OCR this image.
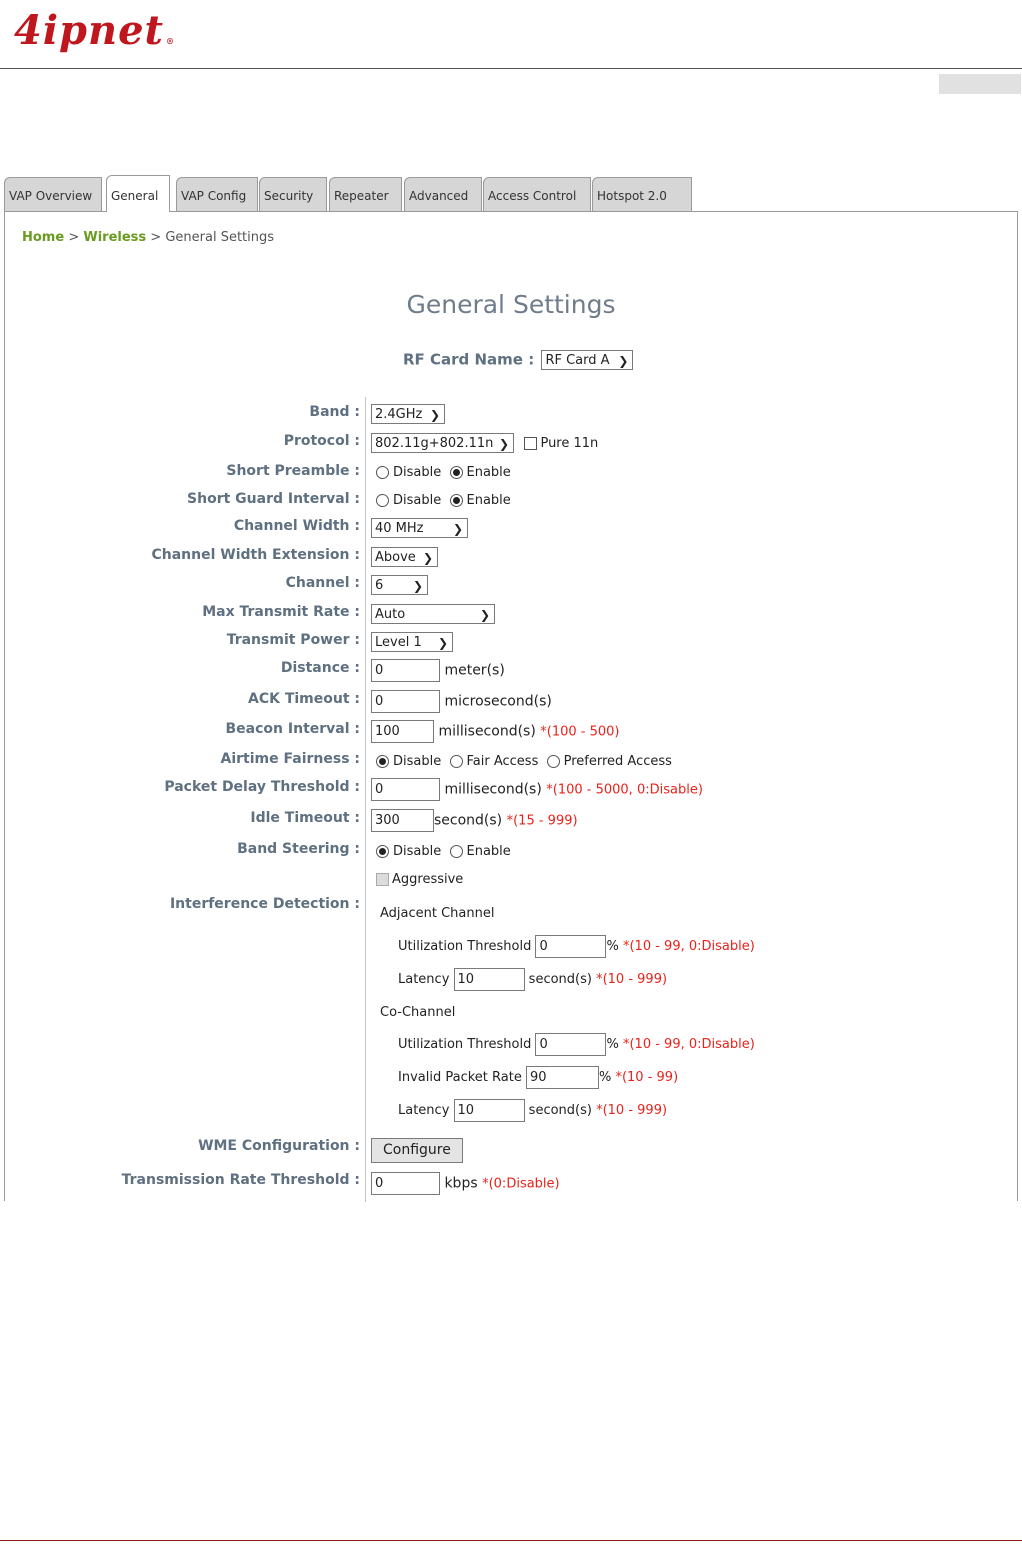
4ipnet ®
VAP Overview	VAP Config	Security	Repeater	Advanced	Access Control	Hotspot 2.0
General
Home > Wireless > General Settings
General Settings
RF Card Name : RF Card A ❯
Band :	2.4GHz ❯
Protocol :	802.11g+802.11n ❯ Pure 11n
Short Preamble :	Disable Enable
Short Guard Interval :	Disable Enable
Channel Width :	40 MHz ❯
Channel Width Extension :	Above ❯
Channel :	6 ❯
Max Transmit Rate :	Auto	❯
Transmit Power :	Level 1 ❯
Distance :	0	meter(s)
ACK Timeout :	0	microsecond(s)
Beacon Interval :	100	millisecond(s) *(100 - 500)
Airtime Fairness :	Disable Fair Access Preferred Access
Packet Delay Threshold :	0	millisecond(s) *(100 - 5000, 0:Disable)
Idle Timeout :	300 second(s) *(15 - 999)
Band Steering :	Disable Enable
Aggressive
Interference Detection :
Adjacent Channel
Utilization Threshold 0	% *(10 - 99, 0:Disable)
Latency 10	second(s) *(10 - 999)
Co-Channel
Utilization Threshold 0	% *(10 - 99, 0:Disable)
Invalid Packet Rate 90	% *(10 - 99)
Latency 10	second(s) *(10 - 999)
WME Configuration :	Configure
Transmission Rate Threshold :	0	kbps *(0:Disable)
